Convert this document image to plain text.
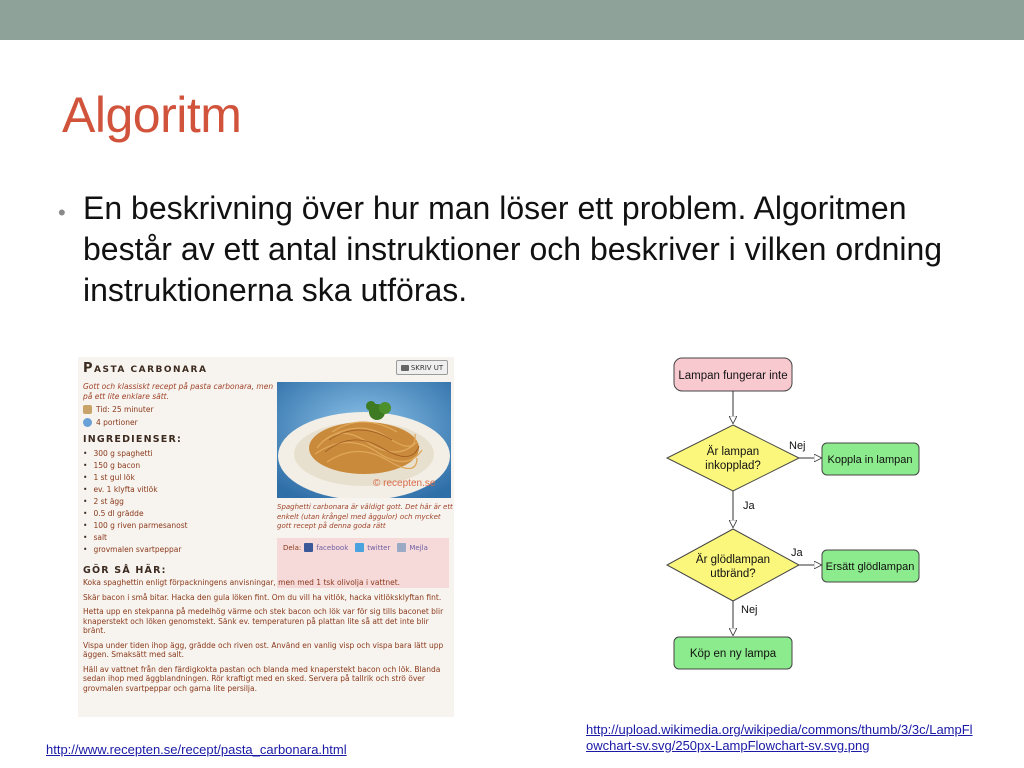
Algoritm
• En beskrivning över hur man löser ett problem. Algoritmen består av ett antal instruktioner och beskriver i vilken ordning instruktionerna ska utföras.
PASTA CARBONARA	SKRIV UT
Gott och klassiskt recept på pasta carbonara, men på ett lite enklare sätt.
Tid: 25 minuter
4 portioner
INGREDIENSER:
• 300 g spaghetti
• 150 g bacon
• 1 st gul lök
• ev. 1 klyfta vitlök
• 2 st ägg
• 0.5 dl grädde
• 100 g riven parmesanost
• salt
• grovmalen svartpeppar
© recepten.se
Spaghetti carbonara är väldigt gott. Det här är ett enkelt (utan krångel med äggulor) och mycket gott recept på denna goda rätt
Dela: facebook	twitter	Mejla
GÖR SÅ HÄR:

Koka spaghettin enligt förpackningens anvisningar, men med 1 tsk olivolja i vattnet.

Skär bacon i små bitar. Hacka den gula löken fint. Om du vill ha vitlök, hacka vitlöksklyftan fint.

Hetta upp en stekpanna på medelhög värme och stek bacon och lök var för sig tills baconet blir knaperstekt och löken genomstekt. Sänk ev. temperaturen på plattan lite så att det inte blir bränt.

Vispa under tiden ihop ägg, grädde och riven ost. Använd en vanlig visp och vispa bara lätt upp äggen. Smaksätt med salt.

Häll av vattnet från den färdigkokta pastan och blanda med knaperstekt bacon och lök. Blanda sedan ihop med äggblandningen. Rör kraftigt med en sked. Servera på tallrik och strö över grovmalen svartpeppar och garna lite persilja.

Lampan fungerar inte
Är lampan
inkopplad?
Nej
Koppla in lampan
Ja
Är glödlampan
utbränd?
Ja
Ersätt glödlampan
Nej
Köp en ny lampa
http://www.recepten.se/recept/pasta_carbonara.html
http://upload.wikimedia.org/wikipedia/commons/thumb/3/3c/LampFl
owchart-sv.svg/250px-LampFlowchart-sv.svg.png
